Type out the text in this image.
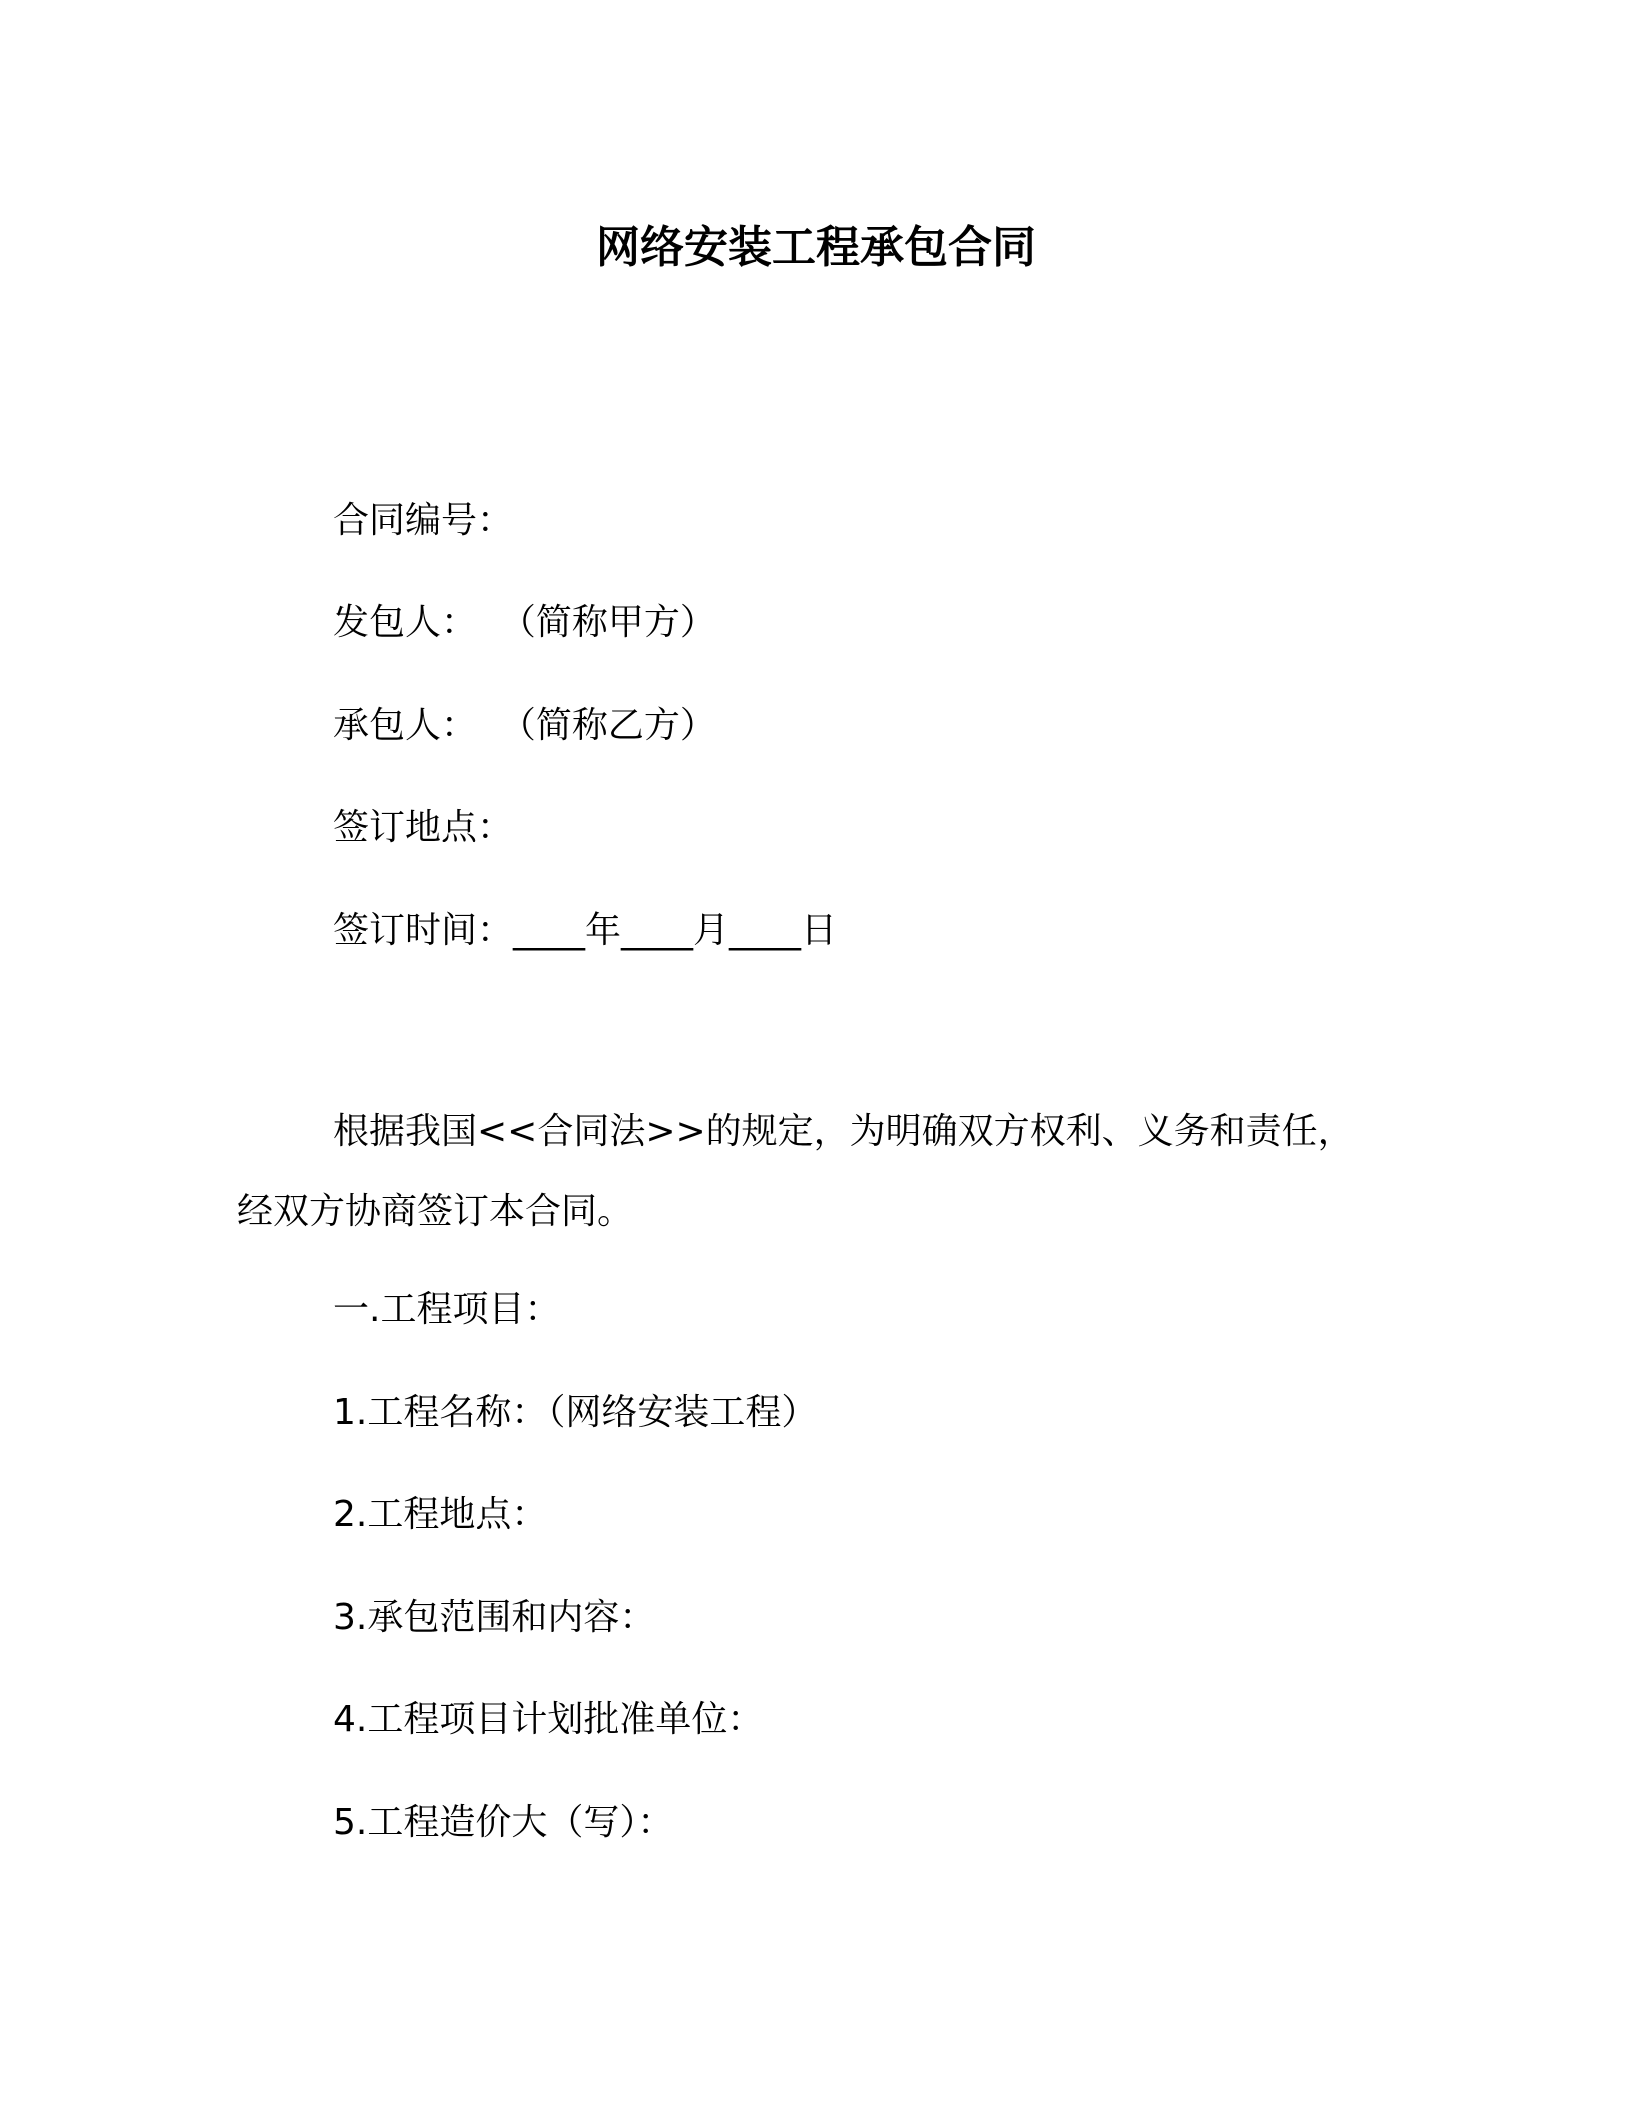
网络安装工程承包合同
合同编号：
发包人：  （简称甲方）
承包人：  （简称乙方）
签订地点：
签订时间：____年____月____日
根据我国<<合同法>>的规定，为明确双方权利、义务和责任，经双方协商签订本合同。
一.工程项目：
1.工程名称：（网络安装工程）
2.工程地点：
3.承包范围和内容：
4.工程项目计划批准单位：
5.工程造价大（写）：
